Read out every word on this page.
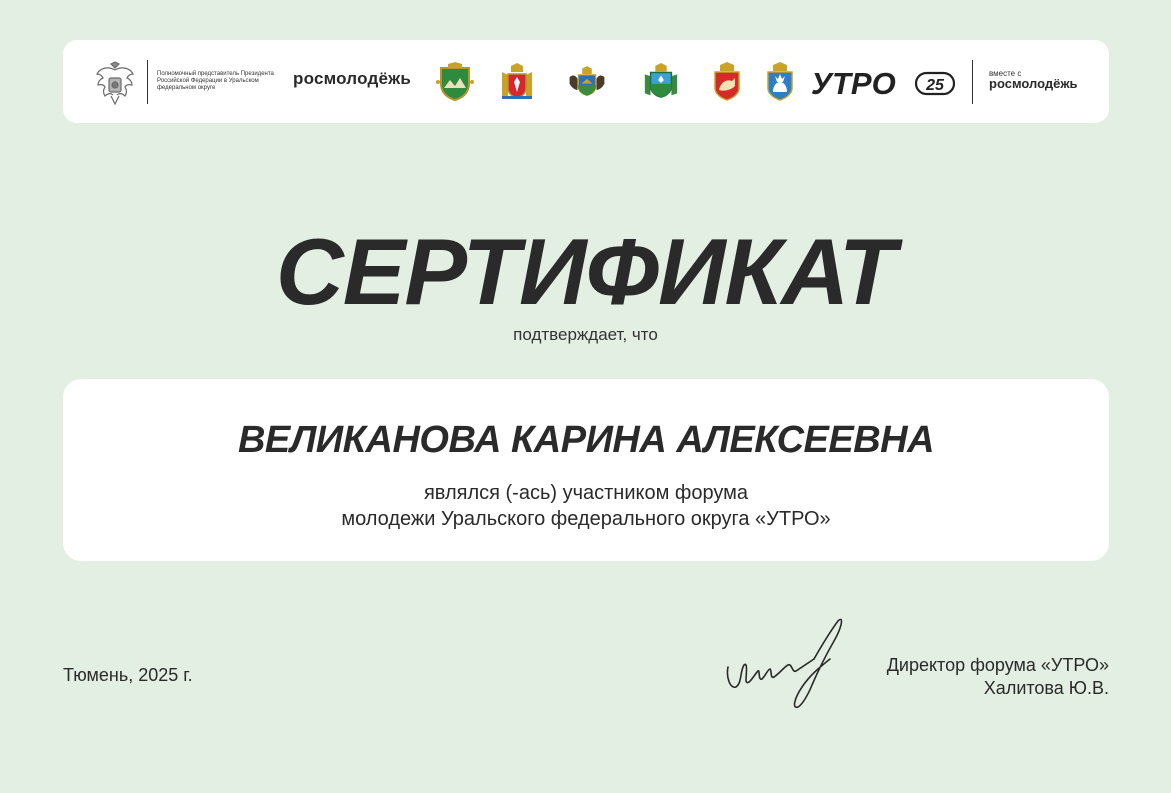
Полномочный представитель Президента Российской Федерации в Уральском федеральном округе
росмолодёжь	УТРО 25
вместе с
росмолодёжь
СЕРТИФИКАТ
подтверждает, что
ВЕЛИКАНОВА КАРИНА АЛЕКСЕЕВНА
являлся (-ась) участником форума
молодежи Уральского федерального округа «УТРО»
Тюмень, 2025 г.	Директор форума «УТРО»
Халитова Ю.В.
